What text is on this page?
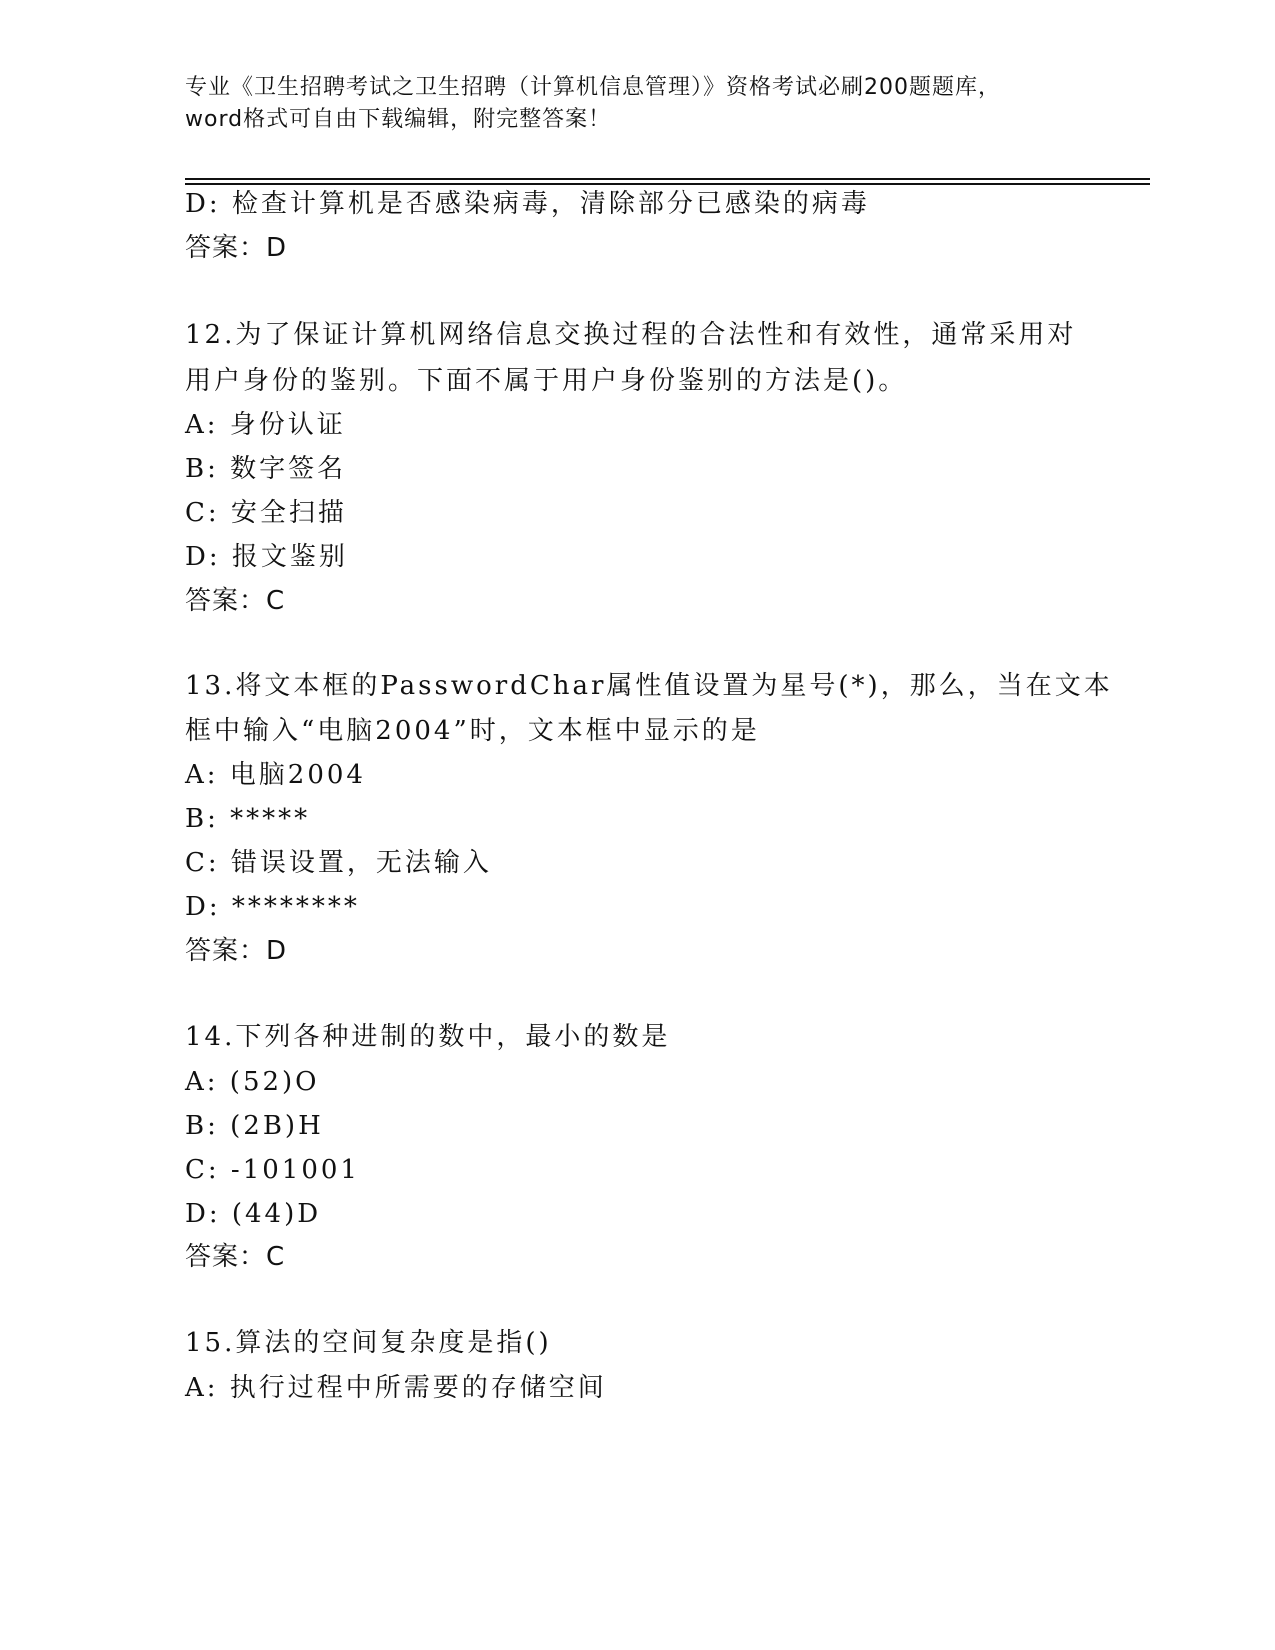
专业《卫生招聘考试之卫生招聘（计算机信息管理）》资格考试必刷200题题库，
word格式可自由下载编辑，附完整答案！
D: 检查计算机是否感染病毒，清除部分已感染的病毒
答案：D
12.为了保证计算机网络信息交换过程的合法性和有效性，通常采用对
用户身份的鉴别。下面不属于用户身份鉴别的方法是()。
A: 身份认证
B: 数字签名
C: 安全扫描
D: 报文鉴别
答案：C
13.将文本框的PasswordChar属性值设置为星号(*)，那么，当在文本
框中输入“电脑2004”时，文本框中显示的是
A: 电脑2004
B: *****
C: 错误设置，无法输入
D: ********
答案：D
14.下列各种进制的数中，最小的数是
A: (52)O
B: (2B)H
C: -101001
D: (44)D
答案：C
15.算法的空间复杂度是指()
A: 执行过程中所需要的存储空间
